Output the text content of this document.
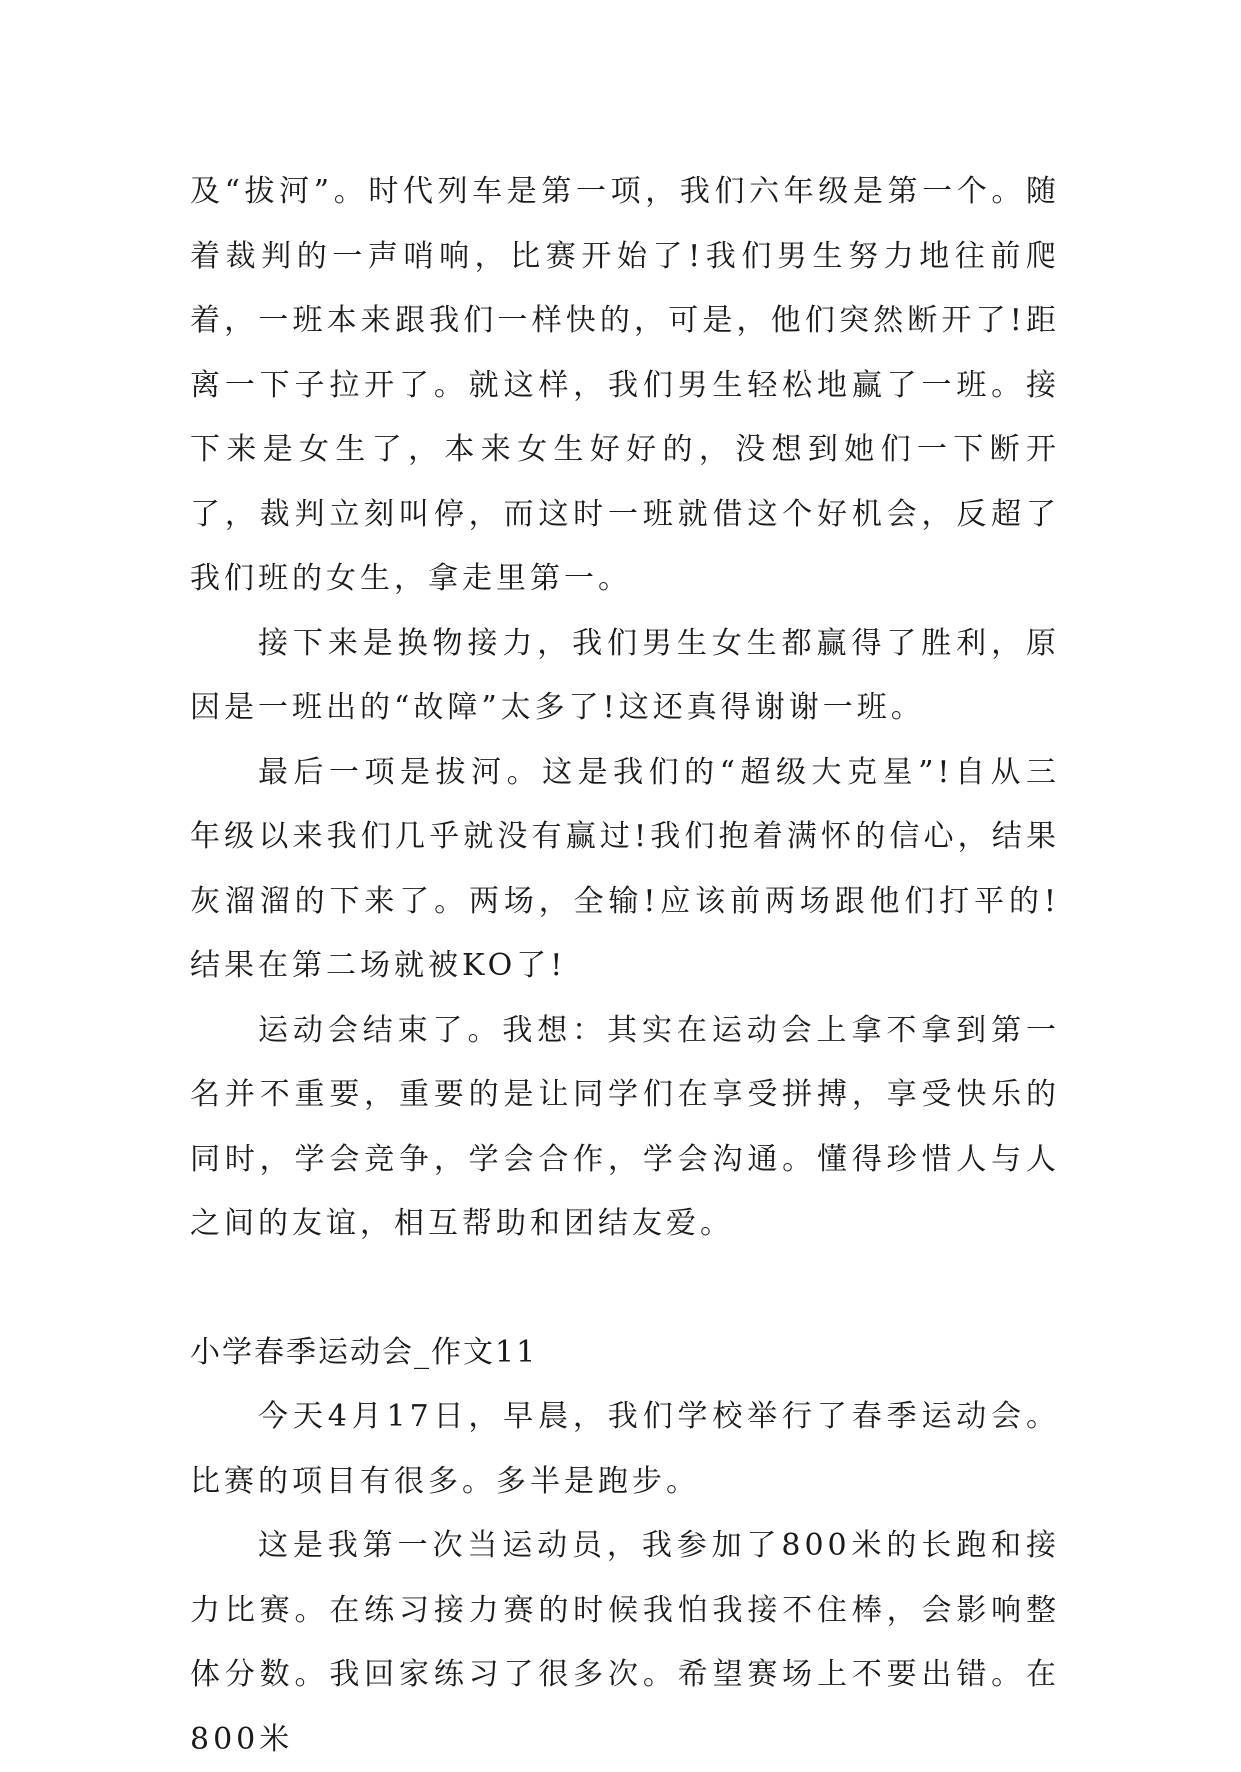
及“拔河”。时代列车是第一项，我们六年级是第一个。随着裁判的一声哨响，比赛开始了!我们男生努力地往前爬着，一班本来跟我们一样快的，可是，他们突然断开了!距离一下子拉开了。就这样，我们男生轻松地赢了一班。接下来是女生了，本来女生好好的，没想到她们一下断开了，裁判立刻叫停，而这时一班就借这个好机会，反超了我们班的女生，拿走里第一。

接下来是换物接力，我们男生女生都赢得了胜利，原因是一班出的“故障”太多了!这还真得谢谢一班。

最后一项是拔河。这是我们的“超级大克星”!自从三年级以来我们几乎就没有赢过!我们抱着满怀的信心，结果灰溜溜的下来了。两场，全输!应该前两场跟他们打平的!结果在第二场就被KO了!

运动会结束了。我想：其实在运动会上拿不拿到第一名并不重要，重要的是让同学们在享受拼搏，享受快乐的同时，学会竞争，学会合作，学会沟通。懂得珍惜人与人之间的友谊，相互帮助和团结友爱。

小学春季运动会_作文11

今天4月17日，早晨，我们学校举行了春季运动会。比赛的项目有很多。多半是跑步。

这是我第一次当运动员，我参加了800米的长跑和接力比赛。在练习接力赛的时候我怕我接不住棒，会影响整体分数。我回家练习了很多次。希望赛场上不要出错。在800米
